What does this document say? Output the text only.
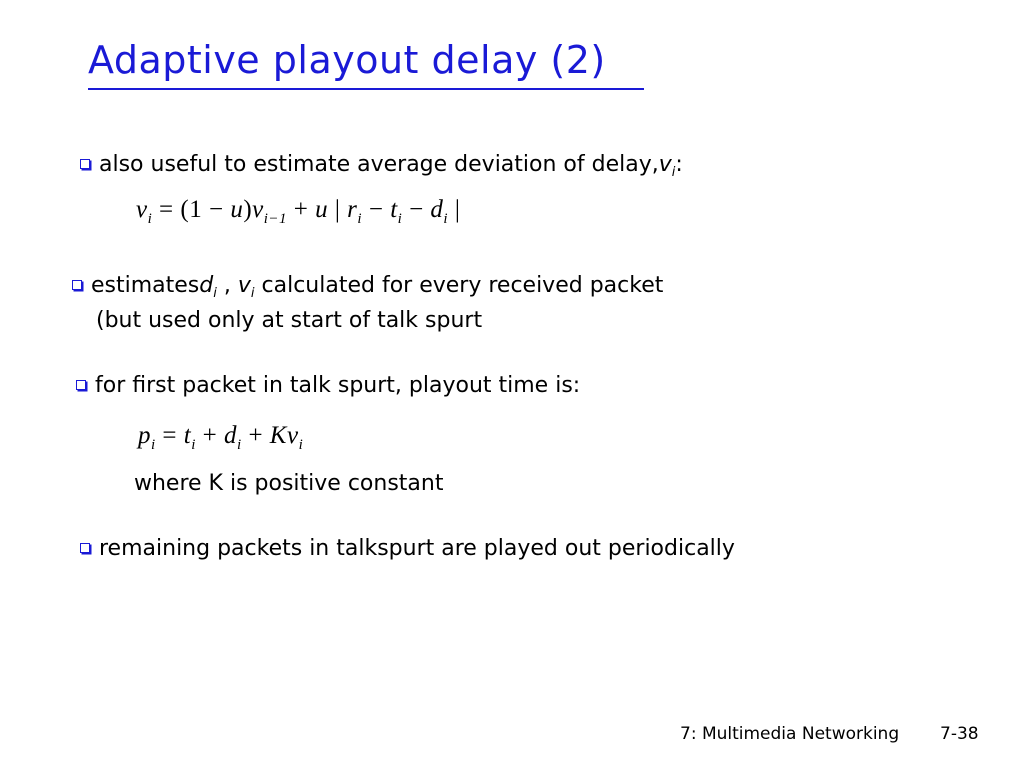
Adaptive playout delay (2)
also useful to estimate average deviation of delay, $v_i$ :
$v_i = (1 - u)v_{i-1} + u$ | $r_i - t_i - d_i$ |
estimates $d_i$ , $v_i$ calculated for every received packet
(but used only at start of talk spurt
for first packet in talk spurt, playout time is:
$p_i = t_i + d_i + Kv_i$
where K is positive constant
remaining packets in talkspurt are played out periodically
7: Multimedia Networking 7-38
